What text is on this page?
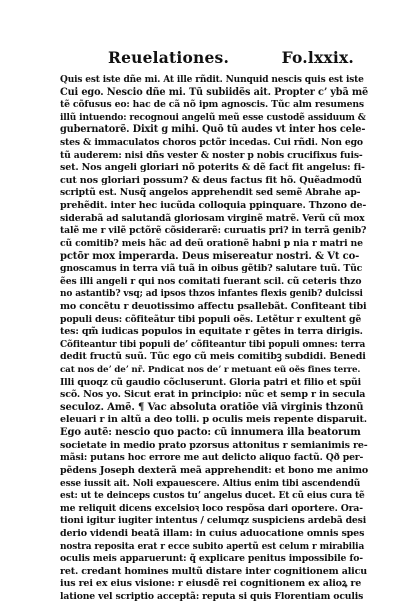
Reuelationes.	Fo.lxxix.
Quis est iste dñe mi. At ille rñdit. Nunquid nescis quis est iste
Cui ego. Nescio dñe mi. Tũ subiidẽs ait. Propter cʼ ybã mẽ
tẽ cõfusus eo: hac de cã nõ ipm agnoscis. Tũc alm resumens
illũ intuendo: recognoui angelũ meũ esse custodẽ assiduum &
gubernatorẽ. Dixit g mihi. Quõ tũ audes vt inter hos cele-
stes & immaculatos choros pctõr incedas. Cui rñdi. Non ego
tũ auderem: nisi dñs vester & noster p nobis crucifixus fuis-
set. Nos angeli gloriari nõ poterits & dẽ fact̃ fit angelus: fi-
cut nos gloriari possum? & deus factus fit hõ. Quẽadmodũ
scriptũ est. Nusq̃ angelos apprehendit sed semẽ Abrahe ap-
prehẽdit. inter hec iucũda colloquia ppinquare. Thzono de-
siderabã ad salutandã gloriosam virginẽ matrẽ. Verũ cũ mox
talẽ me r vilẽ pctõrẽ cõsiderarẽ: curuatis pri? in terrã genib?
cũ comitib? meis hãc ad deũ orationẽ habni p nia r matri ne
pctõr mox imperarda. Deus misereatur nostri. & Vt co-
gnoscamus in terra viã tuã in oibus gẽtib? salutare tuũ. Tũc
ẽes illi angeli r qui nos comitati fuerant scil. cũ ceteris thzo
no astantib? vsq; ad ipsos thzos infantes flexis genib? dulcissi
mo concẽtu r deuotissimo affectu psallebãt. Confiteant tibi
populi deus: cõfiteãtur tibi populi oẽs. Letẽtur r exultent gẽ
tes: qm̃ iudicas populos in equitate r gẽtes in terra dirigis.
Cõfiteantur tibi populi deʼ cõfiteantur tibi populi omnes: terra
dedit fructũ suũ. Tũc ego cũ meis comitibꝫ subdidi. Benedi
cat nos deʼ deʼ nr̃. Pndicat nos deʼ r metuant eũ oẽs fines terre.
Illi quoqz cũ gaudio cõcluserunt. Gloria patri et filio et spũi
scõ. Nos yo. Sicut erat in principio: nũc et semp r in secula
seculoz. Amẽ. ¶ Vac absoluta oratiõe viã virginis thzonũ
eleuari r in altũ a deo tolli. p oculis meis repente disparuit.
Ego autẽ: nescio quo pacto: cũ innumera illa beatorum
societate in medio prato pzorsus attonitus r semianimis re-
mãsi: putans hoc errore me aut delicto aliquo factũ. Qð per-
pẽdens Joseph dexterã meã apprehendit: et bono me animo
esse iussit ait. Noli expauescere. Altius enim tibi ascendendũ
est: ut te deinceps custos tuʼ angelus ducet. Et cũ eius cura tẽ
me reliquit dicens excelsioꝛ loco respõsa dari oportere. Ora-
tioni igitur iugiter intentus / celumqz suspiciens ardebã desi
derio videndi beatã illam: in cuius aduocatione omnis spes
nostra reposita erat r ecce subito apertũ est celum r mirabilia
oculis meis apparuerunt: q̃ explicare penitus impossibile fo-
ret. credant homines multũ distare inter cognitionem alicu
ius rei ex eius visione: r eiusdẽ rei cognitionem ex alioꝝ re
latione vel scriptio acceptã: reputa si quis Florentiam oculis
